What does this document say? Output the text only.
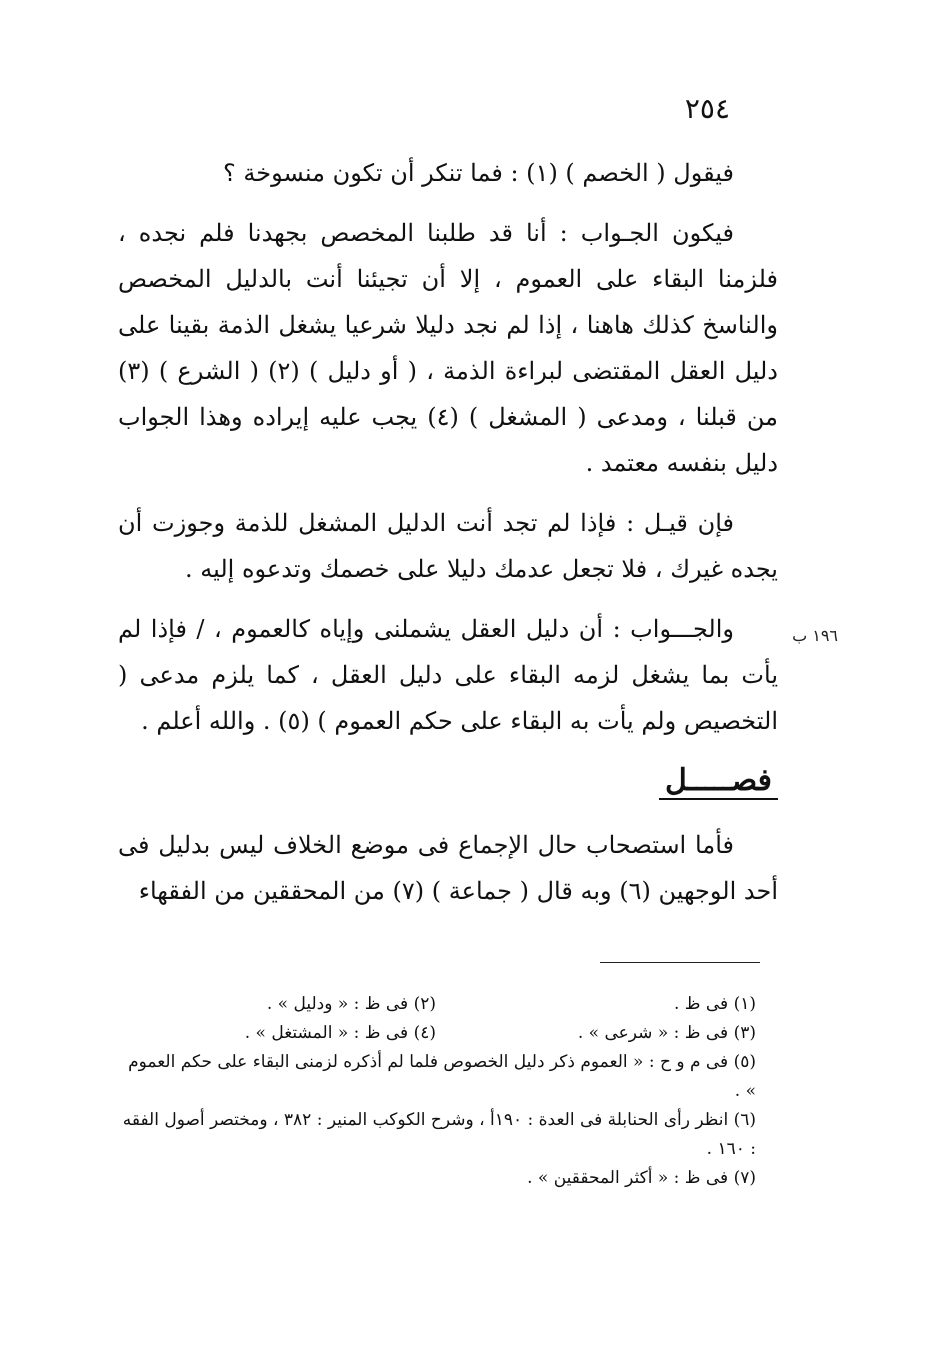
٢٥٤
١٩٦ ب

فيقول ( الخصم ) (١) : فما تنكر أن تكون منسوخة ؟

فيكون الجـواب : أنا قد طلبنا المخصص بجهدنا فلم نجده ، فلزمنا البقاء على العموم ، إلا أن تجيئنا أنت بالدليل المخصص والناسخ كذلك هاهنا ، إذا لم نجد دليلا شرعيا يشغل الذمة بقينا على دليل العقل المقتضى لبراءة الذمة ، ( أو دليل ) (٢) ( الشرع ) (٣) من قبلنا ، ومدعى ( المشغل ) (٤) يجب عليه إيراده وهذا الجواب دليل بنفسه معتمد .

فإن قيـل : فإذا لم تجد أنت الدليل المشغل للذمة وجوزت أن يجده غيرك ، فلا تجعل عدمك دليلا على خصمك وتدعوه إليه .

والجـــواب : أن دليل العقل يشملنى وإياه كالعموم ، / فإذا لم يأت بما يشغل لزمه البقاء على دليل العقل ، كما يلزم مدعى ( التخصيص ولم يأت به البقاء على حكم العموم ) (٥) . والله أعلم .

فصـــــل

فأما استصحاب حال الإجماع فى موضع الخلاف ليس بدليل فى أحد الوجهين (٦) وبه قال ( جماعة ) (٧) من المحققين من الفقهاء

(١) فى ظ .
(٢) فى ظ : « ودليل » .
(٣) فى ظ : « شرعى » .
(٤) فى ظ : « المشتغل » .

(٥) فى م و ح : « العموم ذكر دليل الخصوص فلما لم أذكره لزمنى البقاء على حكم العموم » .

(٦) انظر رأى الحنابلة فى العدة : ١٩٠أ ، وشرح الكوكب المنير : ٣٨٢ ، ومختصر أصول الفقه : ١٦٠ .

(٧) فى ظ : « أكثر المحققين » .
